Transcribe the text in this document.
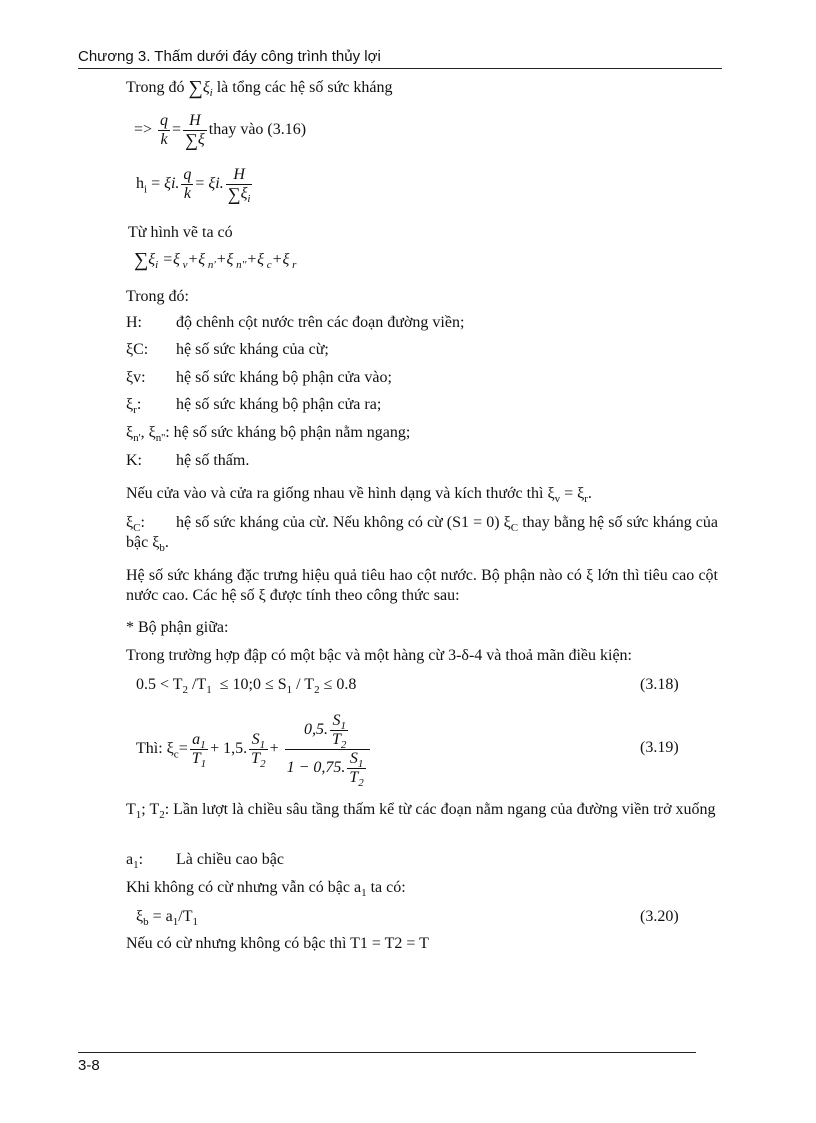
Chương 3. Thấm dưới đáy công trình thủy lợi
Trong đó $\sum\xi_i$ là tổng các hệ số sức kháng
=> $\frac{q}{k} = \frac{H}{\sum\xi}$ thay vào (3.16)
$h_i = \xi i$. $\frac{q}{k} = \xi i$. $\frac{H}{\sum\xi_i}$
Từ hình vẽ ta có
$\sum\xi_i =\xi$ $_v$+ξ $_{n'}$+ξ $_{n''}$+ξ $_c$+ξ $_r$
Trong đó:
H: độ chênh cột nước trên các đoạn đường viền;
ξC: hệ số sức kháng của cừ;
ξv: hệ số sức kháng bộ phận cửa vào;
$\xi_r$: hệ số sức kháng bộ phận cửa ra;
$\xi_{n'}$, $\xi_{n''}$: hệ số sức kháng bộ phận nằm ngang;
K: hệ số thấm.
Nếu cửa vào và cửa ra giống nhau về hình dạng và kích thước thì $\xi_v = \xi_r$.
$\xi_C$: hệ số sức kháng của cừ. Nếu không có cừ (S1 = 0) $\xi_C$ thay bằng hệ số sức kháng của bậc $\xi_b$.
Hệ số sức kháng đặc trưng hiệu quả tiêu hao cột nước. Bộ phận nào có ξ lớn thì tiêu cao cột nước cao. Các hệ số ξ được tính theo công thức sau:
* Bộ phận giữa:
Trong trường hợp đập có một bậc và một hàng cừ 3-δ-4 và thoả mãn điều kiện:
$0.5 < T_2$ $/T_1$  ≤ 10;0 ≤ $S_1 / T_2 \le 0.8$	(3.18)
Thì: $\xi_c= \frac{a_1}{T_1} + 1,5$. $\frac{S_1}{T_2} + \frac{0,5. \frac{S_1}{T_2}}{1 - 0,75. \frac{S_1}{T_2}}$	(3.19)
$T_1$; $T_2$: Lần lượt là chiều sâu tầng thấm kể từ các đoạn nằm ngang của đường viền trở xuống
$a_1$: Là chiều cao bậc
Khi không có cừ nhưng vẫn có bậc $a_1$ ta có:
$\xi_b = a_1/T_1$	(3.20)
Nếu có cừ nhưng không có bậc thì T1 = T2 = T
3-8
